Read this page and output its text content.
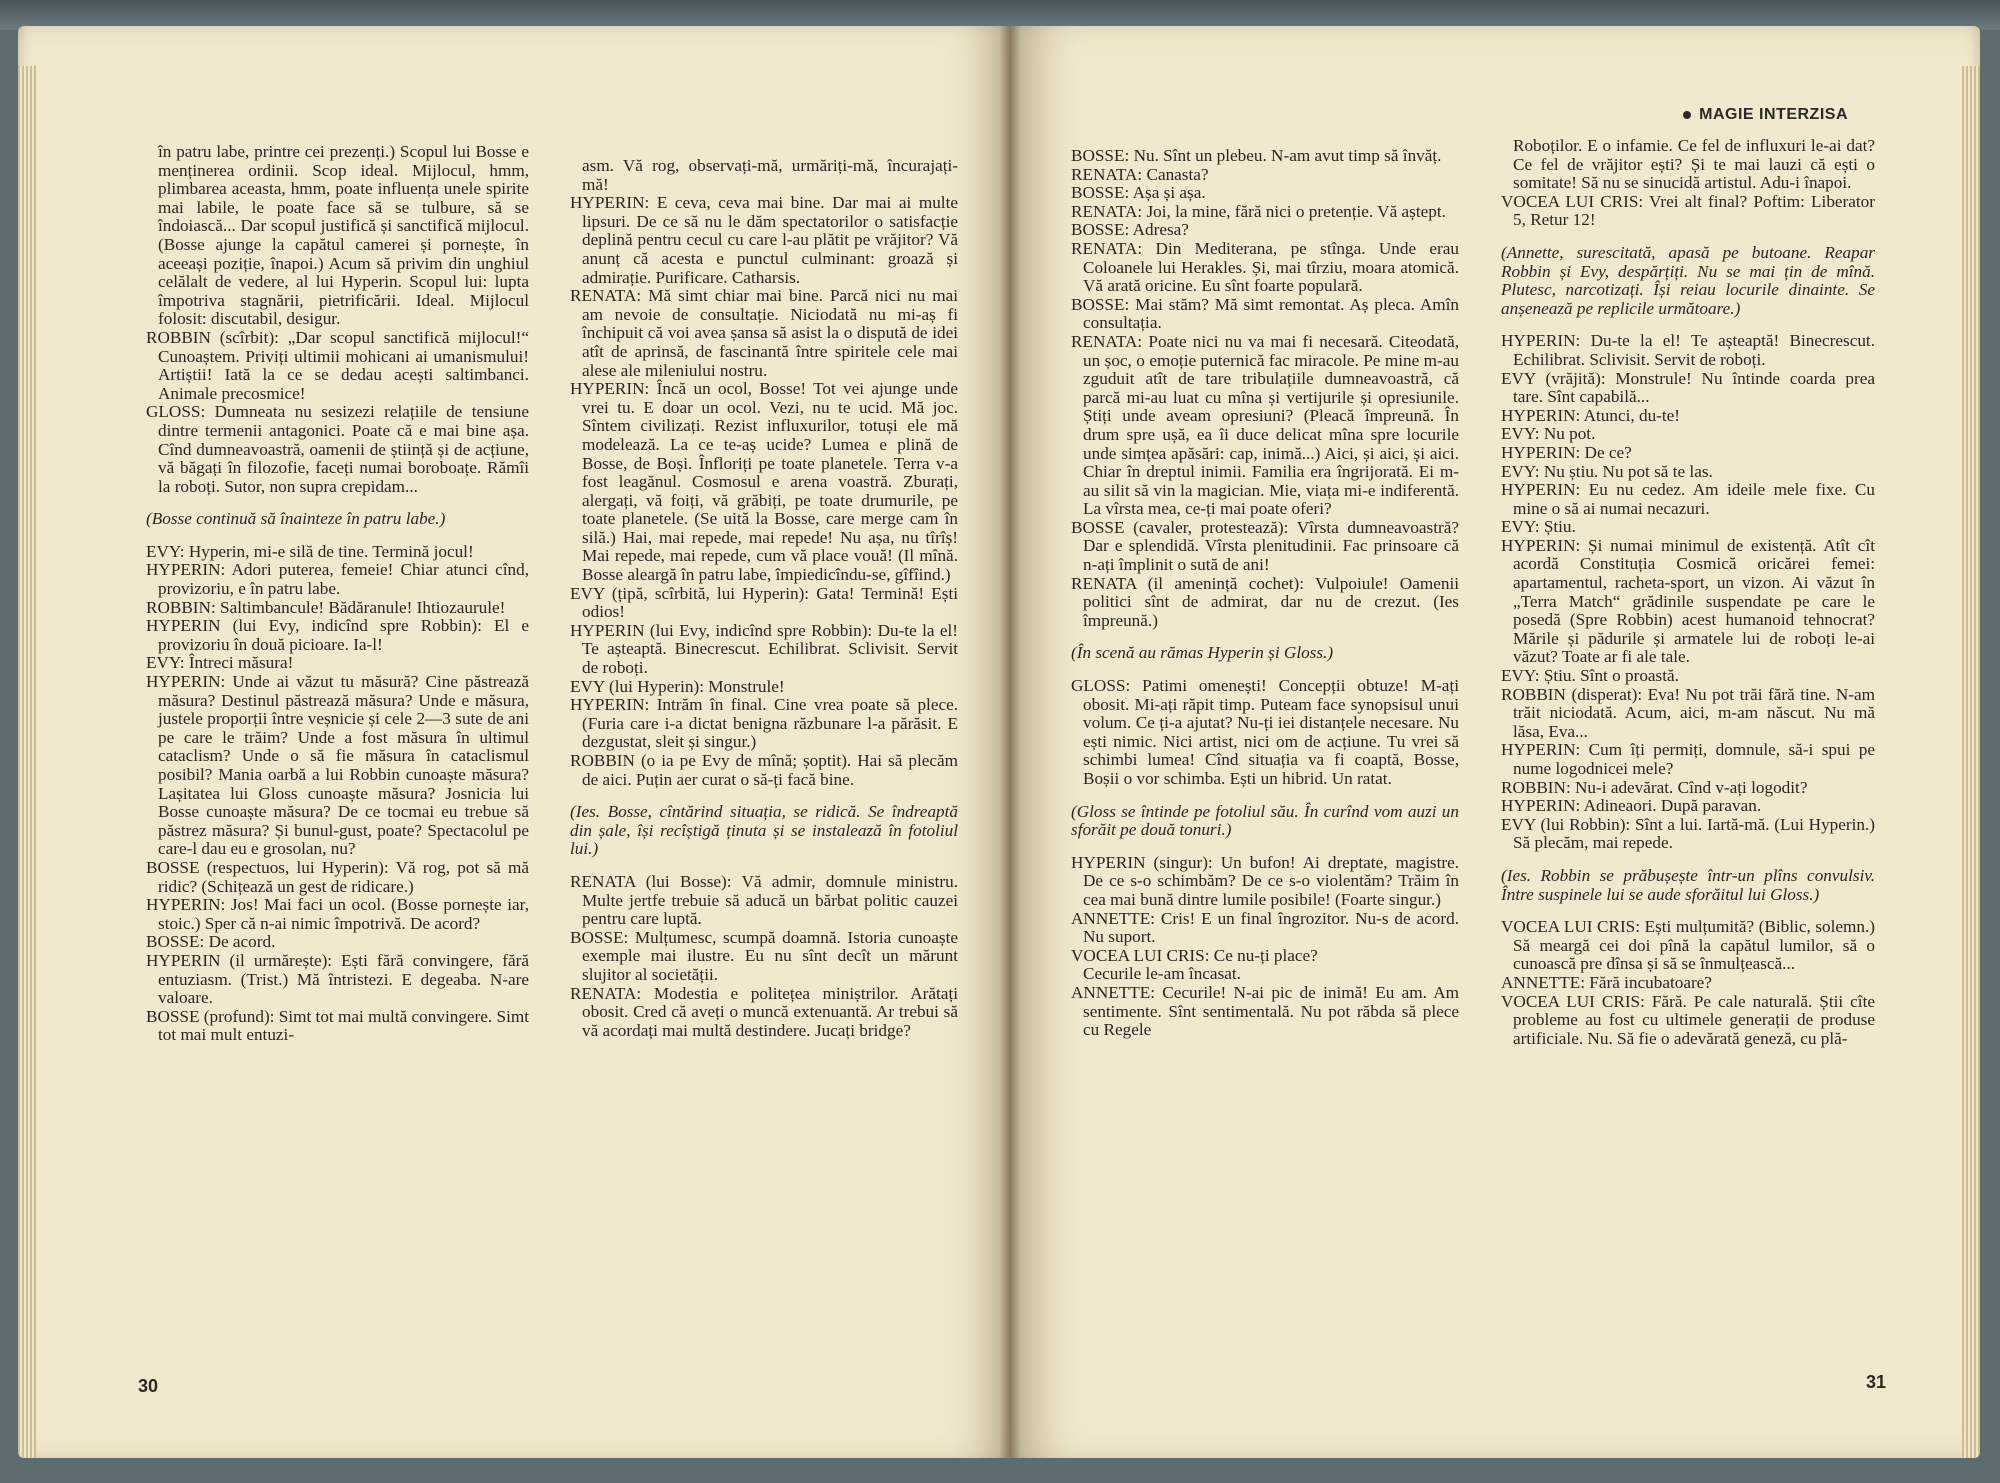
în patru labe, printre cei prezenți.) Scopul lui Bosse e menținerea ordinii. Scop ideal. Mijlocul, hmm, plimbarea aceasta, hmm, poate influența unele spirite mai labile, le poate face să se tulbure, să se îndoiască... Dar scopul justifică și sanctifică mijlocul. (Bosse ajunge la capătul camerei și pornește, în aceeași poziție, înapoi.) Acum să privim din unghiul celălalt de vedere, al lui Hyperin. Scopul lui: lupta împotriva stagnării, pietrificării. Ideal. Mijlocul folosit: discutabil, desigur.

ROBBIN (scîrbit): „Dar scopul sanctifică mijlocul!“ Cunoaștem. Priviți ultimii mohicani ai umanismului! Artiștii! Iată la ce se dedau acești saltimbanci. Animale precosmice!

GLOSS: Dumneata nu sesizezi relațiile de tensiune dintre termenii antagonici. Poate că e mai bine așa. Cînd dumneavoastră, oamenii de știință și de acțiune, vă băgați în filozofie, faceți numai boroboațe. Rămîi la roboți. Sutor, non supra crepidam...

(Bosse continuă să înainteze în patru labe.)

EVY: Hyperin, mi-e silă de tine. Termină jocul!

HYPERIN: Adori puterea, femeie! Chiar atunci cînd, provizoriu, e în patru labe.

ROBBIN: Saltimbancule! Bădăranule! Ihtiozaurule!

HYPERIN (lui Evy, indicînd spre Robbin): El e provizoriu în două picioare. Ia-l!

EVY: Întreci măsura!

HYPERIN: Unde ai văzut tu măsură? Cine păstrează măsura? Destinul păstrează măsura? Unde e măsura, justele proporții între veșnicie și cele 2—3 sute de ani pe care le trăim? Unde a fost măsura în ultimul cataclism? Unde o să fie măsura în cataclismul posibil? Mania oarbă a lui Robbin cunoaște măsura? Lașitatea lui Gloss cunoaște măsura? Josnicia lui Bosse cunoaște măsura? De ce tocmai eu trebue să păstrez măsura? Și bunul-gust, poate? Spectacolul pe care-l dau eu e grosolan, nu?

BOSSE (respectuos, lui Hyperin): Vă rog, pot să mă ridic? (Schițează un gest de ridicare.)

HYPERIN: Jos! Mai faci un ocol. (Bosse pornește iar, stoic.) Sper că n-ai nimic împotrivă. De acord?

BOSSE: De acord.

HYPERIN (il urmărește): Ești fără convingere, fără entuziasm. (Trist.) Mă întristezi. E degeaba. N-are valoare.

BOSSE (profund): Simt tot mai multă convingere. Simt tot mai mult entuzi-

asm. Vă rog, observați-mă, urmăriți-mă, încurajați-mă!

HYPERIN: E ceva, ceva mai bine. Dar mai ai multe lipsuri. De ce să nu le dăm spectatorilor o satisfacție deplină pentru cecul cu care l-au plătit pe vrăjitor? Vă anunț că acesta e punctul culminant: groază și admirație. Purificare. Catharsis.

RENATA: Mă simt chiar mai bine. Parcă nici nu mai am nevoie de consultație. Niciodată nu mi-aș fi închipuit că voi avea șansa să asist la o dispută de idei atît de aprinsă, de fascinantă între spiritele cele mai alese ale mileniului nostru.

HYPERIN: Încă un ocol, Bosse! Tot vei ajunge unde vrei tu. E doar un ocol. Vezi, nu te ucid. Mă joc. Sîntem civilizați. Rezist influxurilor, totuși ele mă modelează. La ce te-aș ucide? Lumea e plină de Bosse, de Boși. Înfloriți pe toate planetele. Terra v-a fost leagănul. Cosmosul e arena voastră. Zburați, alergați, vă foiți, vă grăbiți, pe toate drumurile, pe toate planetele. (Se uită la Bosse, care merge cam în silă.) Hai, mai repede, mai repede! Nu așa, nu tîrîș! Mai repede, mai repede, cum vă place vouă! (Il mînă. Bosse aleargă în patru labe, împiedicîndu-se, gîfîind.)

EVY (țipă, scîrbită, lui Hyperin): Gata! Termină! Ești odios!

HYPERIN (lui Evy, indicînd spre Robbin): Du-te la el! Te așteaptă. Binecrescut. Echilibrat. Sclivisit. Servit de roboți.

EVY (lui Hyperin): Monstrule!

HYPERIN: Intrăm în final. Cine vrea poate să plece. (Furia care i-a dictat benigna răzbunare l-a părăsit. E dezgustat, sleit și singur.)

ROBBIN (o ia pe Evy de mînă; șoptit). Hai să plecăm de aici. Puțin aer curat o să-ți facă bine.

(Ies. Bosse, cîntărind situația, se ridică. Se îndreaptă din șale, își recîștigă ținuta și se instalează în fotoliul lui.)

RENATA (lui Bosse): Vă admir, domnule ministru. Multe jertfe trebuie să aducă un bărbat politic cauzei pentru care luptă.

BOSSE: Mulțumesc, scumpă doamnă. Istoria cunoaște exemple mai ilustre. Eu nu sînt decît un mărunt slujitor al societății.

RENATA: Modestia e politețea miniștrilor. Arătați obosit. Cred că aveți o muncă extenuantă. Ar trebui să vă acordați mai multă destindere. Jucați bridge?

30
MAGIE INTERZISA

BOSSE: Nu. Sînt un plebeu. N-am avut timp să învăț.

RENATA: Canasta?

BOSSE: Așa și așa.

RENATA: Joi, la mine, fără nici o pretenție. Vă aștept.

BOSSE: Adresa?

RENATA: Din Mediterana, pe stînga. Unde erau Coloanele lui Herakles. Și, mai tîrziu, moara atomică. Vă arată oricine. Eu sînt foarte populară.

BOSSE: Mai stăm? Mă simt remontat. Aș pleca. Amîn consultația.

RENATA: Poate nici nu va mai fi necesară. Citeodată, un șoc, o emoție puternică fac miracole. Pe mine m-au zguduit atît de tare tribulațiile dumneavoastră, că parcă mi-au luat cu mîna și vertijurile și opresiunile. Știți unde aveam opresiuni? (Pleacă împreună. În drum spre ușă, ea îi duce delicat mîna spre locurile unde simțea apăsări: cap, inimă...) Aici, și aici, și aici. Chiar în dreptul inimii. Familia era îngrijorată. Ei m-au silit să vin la magician. Mie, viața mi-e indiferentă. La vîrsta mea, ce-ți mai poate oferi?

BOSSE (cavaler, protestează): Vîrsta dumneavoastră? Dar e splendidă. Vîrsta plenitudinii. Fac prinsoare că n-ați împlinit o sută de ani!

RENATA (il amenință cochet): Vulpoiule! Oamenii politici sînt de admirat, dar nu de crezut. (Ies împreună.)

(În scenă au rămas Hyperin și Gloss.)

GLOSS: Patimi omenești! Concepții obtuze! M-ați obosit. Mi-ați răpit timp. Puteam face synopsisul unui volum. Ce ți-a ajutat? Nu-ți iei distanțele necesare. Nu ești nimic. Nici artist, nici om de acțiune. Tu vrei să schimbi lumea! Cînd situația va fi coaptă, Bosse, Boșii o vor schimba. Ești un hibrid. Un ratat.

(Gloss se întinde pe fotoliul său. În curînd vom auzi un sforăit pe două tonuri.)

HYPERIN (singur): Un bufon! Ai dreptate, magistre. De ce s-o schimbăm? De ce s-o violentăm? Trăim în cea mai bună dintre lumile posibile! (Foarte singur.)

ANNETTE: Cris! E un final îngrozitor. Nu-s de acord. Nu suport.

VOCEA LUI CRIS: Ce nu-ți place?

Cecurile le-am încasat.

ANNETTE: Cecurile! N-ai pic de inimă! Eu am. Am sentimente. Sînt sentimentală. Nu pot răbda să plece cu Regele

Roboților. E o infamie. Ce fel de influxuri le-ai dat? Ce fel de vrăjitor ești? Și te mai lauzi că ești o somitate! Să nu se sinucidă artistul. Adu-i înapoi.

VOCEA LUI CRIS: Vrei alt final? Poftim: Liberator 5, Retur 12!

(Annette, surescitată, apasă pe butoane. Reapar Robbin și Evy, despărțiți. Nu se mai țin de mînă. Plutesc, narcotizați. Își reiau locurile dinainte. Se anșenează pe replicile următoare.)

HYPERIN: Du-te la el! Te așteaptă! Binecrescut. Echilibrat. Sclivisit. Servit de roboți.

EVY (vrăjită): Monstrule! Nu întinde coarda prea tare. Sînt capabilă...

HYPERIN: Atunci, du-te!

EVY: Nu pot.

HYPERIN: De ce?

EVY: Nu știu. Nu pot să te las.

HYPERIN: Eu nu cedez. Am ideile mele fixe. Cu mine o să ai numai necazuri.

EVY: Știu.

HYPERIN: Și numai minimul de existență. Atît cît acordă Constituția Cosmică oricărei femei: apartamentul, racheta-sport, un vizon. Ai văzut în „Terra Match“ grădinile suspendate pe care le posedă (Spre Robbin) acest humanoid tehnocrat? Mările și pădurile și armatele lui de roboți le-ai văzut? Toate ar fi ale tale.

EVY: Știu. Sînt o proastă.

ROBBIN (disperat): Eva! Nu pot trăi fără tine. N-am trăit niciodată. Acum, aici, m-am născut. Nu mă lăsa, Eva...

HYPERIN: Cum îți permiți, domnule, să-i spui pe nume logodnicei mele?

ROBBIN: Nu-i adevărat. Cînd v-ați logodit?

HYPERIN: Adineaori. După paravan.

EVY (lui Robbin): Sînt a lui. Iartă-mă. (Lui Hyperin.) Să plecăm, mai repede.

(Ies. Robbin se prăbușește într-un plîns convulsiv. Între suspinele lui se aude sforăitul lui Gloss.)

VOCEA LUI CRIS: Ești mulțumită? (Biblic, solemn.) Să meargă cei doi pînă la capătul lumilor, să o cunoască pre dînsa și să se înmulțească...

ANNETTE: Fără incubatoare?

VOCEA LUI CRIS: Fără. Pe cale naturală. Știi cîte probleme au fost cu ultimele generații de produse artificiale. Nu. Să fie o adevărată geneză, cu plă-

31
